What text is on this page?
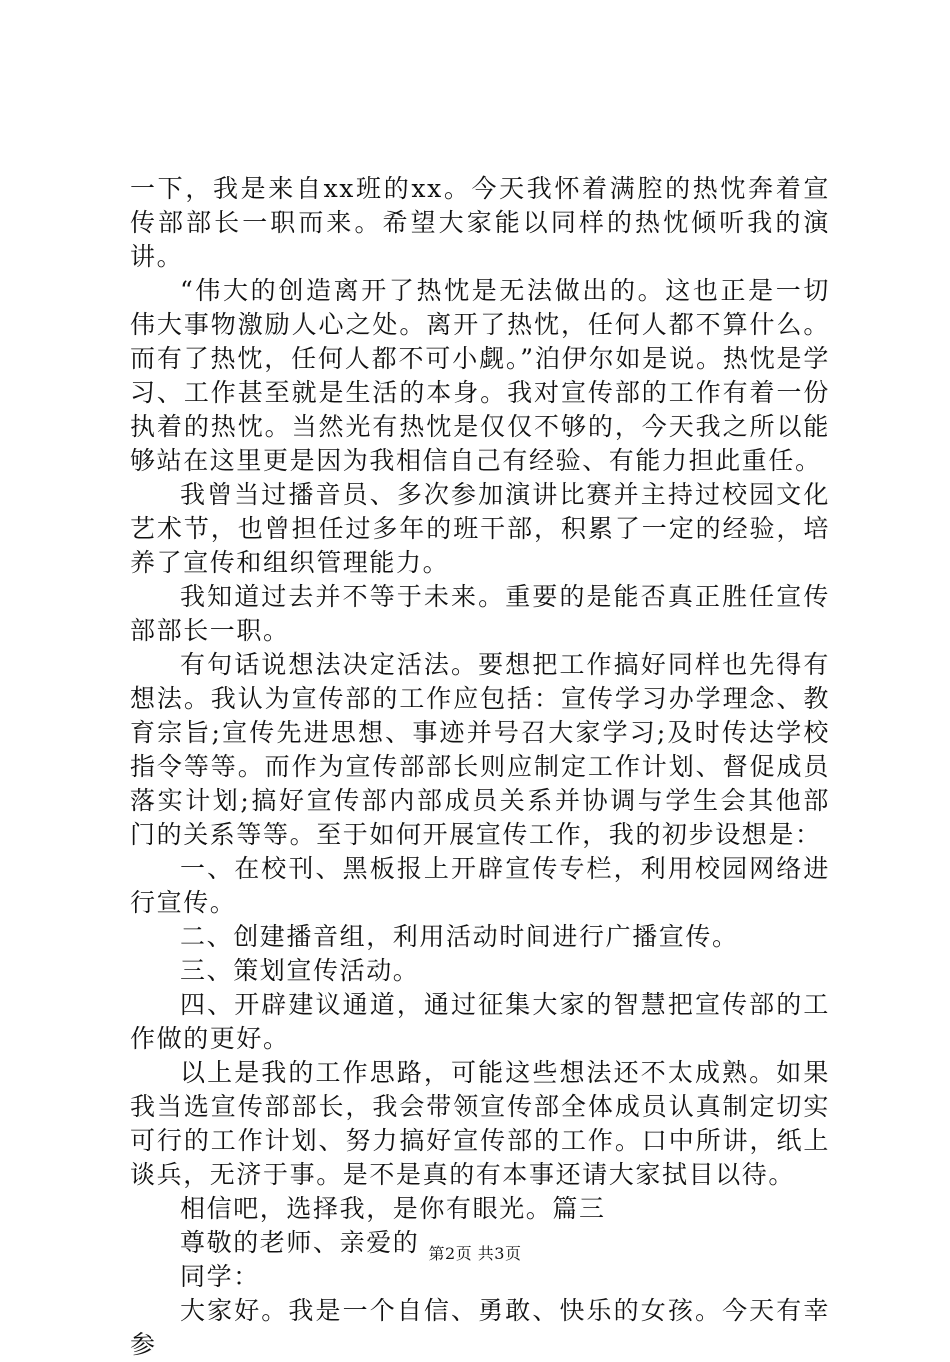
一下，我是来自xx班的xx。今天我怀着满腔的热忱奔着宣传部部长一职而来。希望大家能以同样的热忱倾听我的演讲。

“伟大的创造离开了热忱是无法做出的。这也正是一切伟大事物激励人心之处。离开了热忱，任何人都不算什么。而有了热忱，任何人都不可小觑。”泊伊尔如是说。热忱是学习、工作甚至就是生活的本身。我对宣传部的工作有着一份执着的热忱。当然光有热忱是仅仅不够的，今天我之所以能够站在这里更是因为我相信自己有经验、有能力担此重任。

我曾当过播音员、多次参加演讲比赛并主持过校园文化艺术节，也曾担任过多年的班干部，积累了一定的经验，培养了宣传和组织管理能力。

我知道过去并不等于未来。重要的是能否真正胜任宣传部部长一职。

有句话说想法决定活法。要想把工作搞好同样也先得有想法。我认为宣传部的工作应包括：宣传学习办学理念、教育宗旨;宣传先进思想、事迹并号召大家学习;及时传达学校指令等等。而作为宣传部部长则应制定工作计划、督促成员落实计划;搞好宣传部内部成员关系并协调与学生会其他部门的关系等等。至于如何开展宣传工作，我的初步设想是：

一、在校刊、黑板报上开辟宣传专栏，利用校园网络进行宣传。

二、创建播音组，利用活动时间进行广播宣传。

三、策划宣传活动。

四、开辟建议通道，通过征集大家的智慧把宣传部的工作做的更好。

以上是我的工作思路，可能这些想法还不太成熟。如果我当选宣传部部长，我会带领宣传部全体成员认真制定切实可行的工作计划、努力搞好宣传部的工作。口中所讲，纸上谈兵，无济于事。是不是真的有本事还请大家拭目以待。

相信吧，选择我，是你有眼光。篇三

尊敬的老师、亲爱的

同学：

大家好。我是一个自信、勇敢、快乐的女孩。今天有幸参

第2页 共3页
